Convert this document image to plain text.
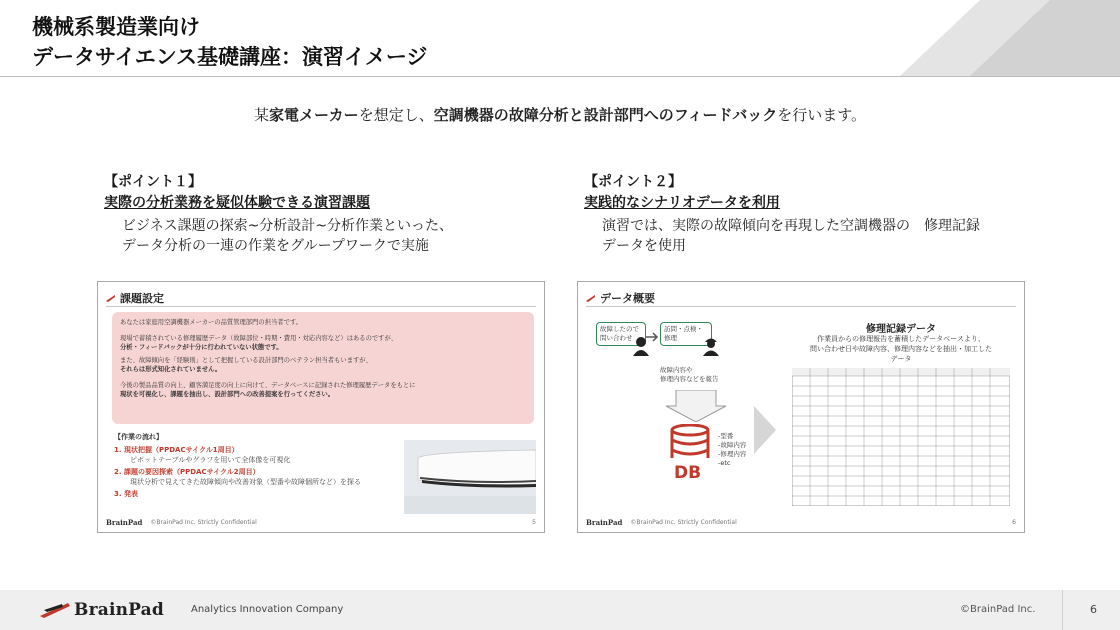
機械系製造業向け
データサイエンス基礎講座：演習イメージ
某家電メーカーを想定し、空調機器の故障分析と設計部門へのフィードバックを行います。
【ポイント１】
実際の分析業務を疑似体験できる演習課題
ビジネス課題の探索~分析設計~分析作業といった、
データ分析の一連の作業をグループワークで実施
【ポイント２】
実践的なシナリオデータを利用
演習では、実際の故障傾向を再現した空調機器の　修理記録
データを使用
課題設定

あなたは家庭用空調機器メーカーの品質管理部門の担当者です。

現場で蓄積されている修理履歴データ（故障部位・時期・費用・対応内容など）はあるのですが、

分析・フィードバックが十分に行われていない状態です。

また、故障傾向を「経験則」として把握している設計部門のベテラン担当者もいますが、

それらは形式知化されていません。

今後の製品品質の向上、顧客満足度の向上に向けて、データベースに記録された修理履歴データをもとに

現状を可視化し、課題を抽出し、設計部門への改善提案を行ってください。

【作業の流れ】
1. 現状把握（PPDACサイクル1周目）
ピボットテーブルやグラフを用いて全体像を可視化
2. 課題の要因探索（PPDACサイクル2周目）
現状分析で見えてきた故障傾向や改善対象（型番や故障個所など）を探る
3. 発表
BrainPad ©BrainPad Inc. Strictly Confidential	5
データ概要
故障したので
問い合わせ
訪問・点検・
修理
故障内容や
修理内容などを報告
DB
-型番
-故障内容
-修理内容
-etc
修理記録データ
作業員からの修理報告を蓄積したデータベースより、
問い合わせ日や故障内容、修理内容などを抽出・加工した
データ
BrainPad ©BrainPad Inc. Strictly Confidential	6
BrainPad	Analytics Innovation Company	©BrainPad Inc.	6
